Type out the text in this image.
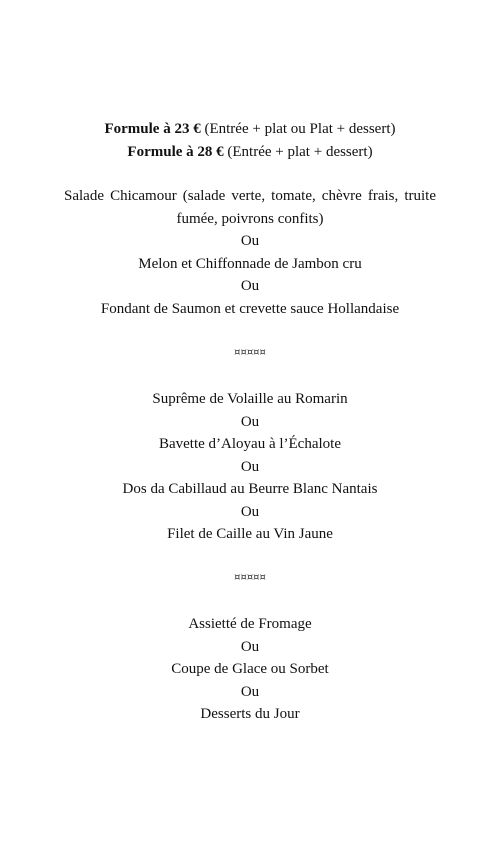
Formule à 23 € (Entrée + plat ou Plat + dessert)
Formule à 28 € (Entrée + plat + dessert)
Salade Chicamour (salade verte, tomate, chèvre frais, truite fumée, poivrons confits)
Ou
Melon et Chiffonnade de Jambon cru
Ou
Fondant de Saumon et crevette sauce Hollandaise
¤¤¤¤¤
Suprême de Volaille au Romarin
Ou
Bavette d’Aloyau à l’Échalote
Ou
Dos da Cabillaud au Beurre Blanc Nantais
Ou
Filet de Caille au Vin Jaune
¤¤¤¤¤
Assietté de Fromage
Ou
Coupe de Glace ou Sorbet
Ou
Desserts du Jour
